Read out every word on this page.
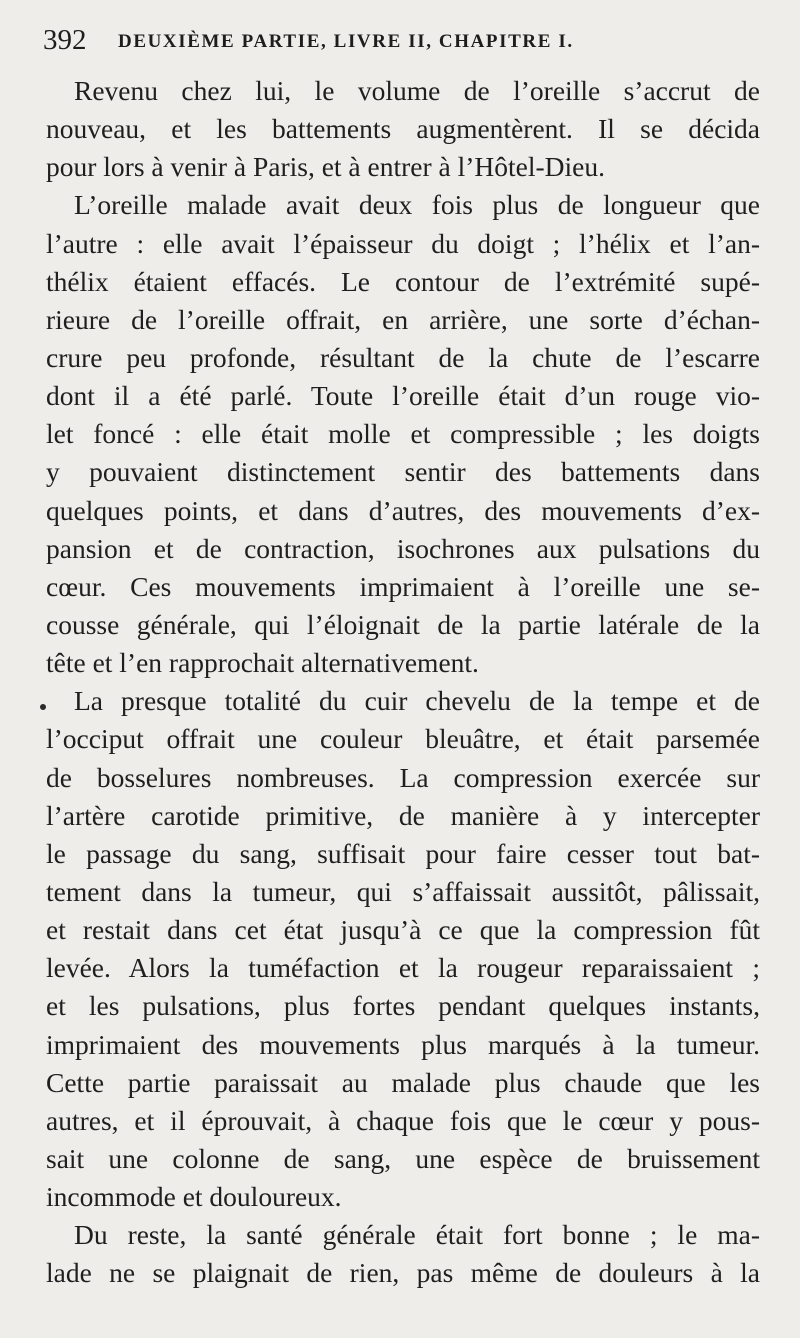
392 DEUXIÈME PARTIE, LIVRE II, CHAPITRE I.
Revenu chez lui, le volume de l’oreille s’accrut de
nouveau, et les battements augmentèrent. Il se décida
pour lors à venir à Paris, et à entrer à l’Hôtel-Dieu.
L’oreille malade avait deux fois plus de longueur que
l’autre : elle avait l’épaisseur du doigt ; l’hélix et l’an-
thélix étaient effacés. Le contour de l’extrémité supé-
rieure de l’oreille offrait, en arrière, une sorte d’échan-
crure peu profonde, résultant de la chute de l’escarre
dont il a été parlé. Toute l’oreille était d’un rouge vio-
let foncé : elle était molle et compressible ; les doigts
y pouvaient distinctement sentir des battements dans
quelques points, et dans d’autres, des mouvements d’ex-
pansion et de contraction, isochrones aux pulsations du
cœur. Ces mouvements imprimaient à l’oreille une se-
cousse générale, qui l’éloignait de la partie latérale de la
tête et l’en rapprochait alternativement.
La presque totalité du cuir chevelu de la tempe et de
l’occiput offrait une couleur bleuâtre, et était parsemée
de bosselures nombreuses. La compression exercée sur
l’artère carotide primitive, de manière à y intercepter
le passage du sang, suffisait pour faire cesser tout bat-
tement dans la tumeur, qui s’affaissait aussitôt, pâlissait,
et restait dans cet état jusqu’à ce que la compression fût
levée. Alors la tuméfaction et la rougeur reparaissaient ;
et les pulsations, plus fortes pendant quelques instants,
imprimaient des mouvements plus marqués à la tumeur.
Cette partie paraissait au malade plus chaude que les
autres, et il éprouvait, à chaque fois que le cœur y pous-
sait une colonne de sang, une espèce de bruissement
incommode et douloureux.
Du reste, la santé générale était fort bonne ; le ma-
lade ne se plaignait de rien, pas même de douleurs à la
